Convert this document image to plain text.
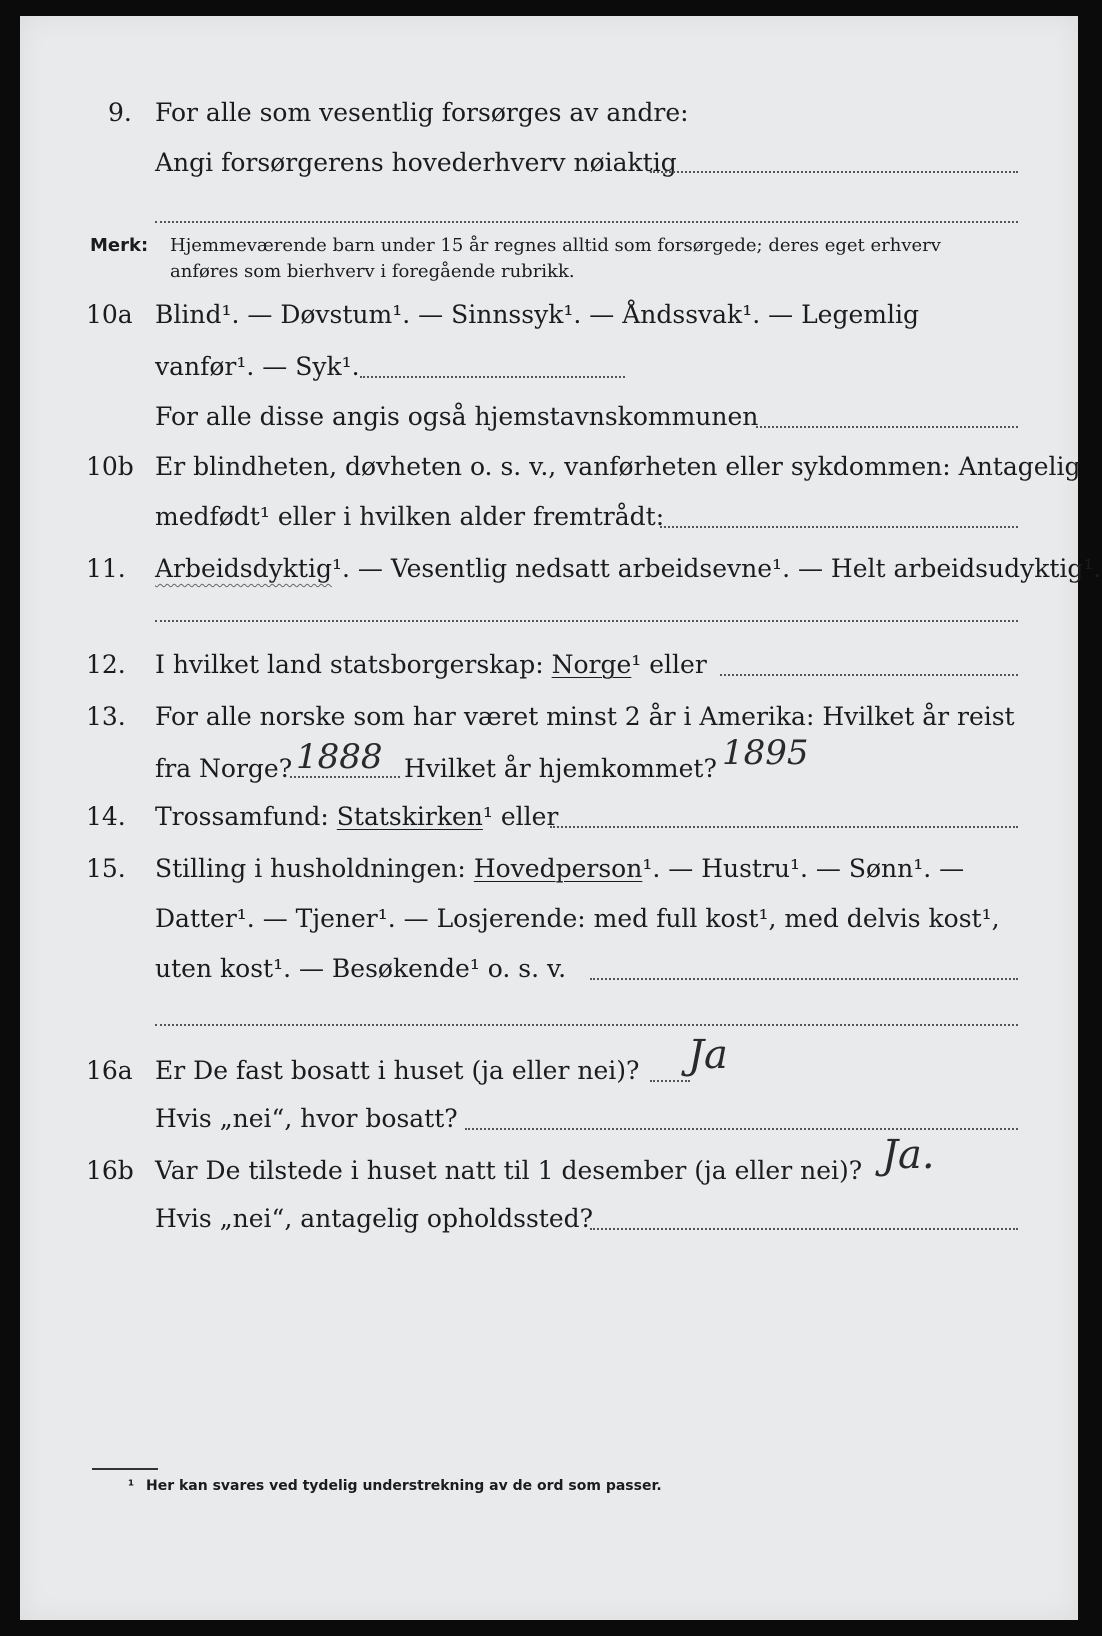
9. For alle som vesentlig forsørges av andre:
Angi forsørgerens hovederhverv nøiaktig
Merk: Hjemmeværende barn under 15 år regnes alltid som forsørgede; deres eget erhverv
anføres som bierhverv i foregående rubrikk.
10a Blind¹. — Døvstum¹. — Sinnssyk¹. — Åndssvak¹. — Legemlig
vanfør¹. — Syk¹.
For alle disse angis også hjemstavnskommunen
10b Er blindheten, døvheten o. s. v., vanførheten eller sykdommen: Antagelig
medfødt¹ eller i hvilken alder fremtrådt:
11. Arbeidsdyktig¹. — Vesentlig nedsatt arbeidsevne¹. — Helt arbeidsudyktig¹.
12. I hvilket land statsborgerskap: Norge¹ eller
13. For alle norske som har været minst 2 år i Amerika: Hvilket år reist
fra Norge? 1888 Hvilket år hjemkommet? 1895
14. Trossamfund: Statskirken¹ eller
15. Stilling i husholdningen: Hovedperson¹. — Hustru¹. — Sønn¹. —
Datter¹. — Tjener¹. — Losjerende: med full kost¹, med delvis kost¹,
uten kost¹. — Besøkende¹ o. s. v.
16a Er De fast bosatt i huset (ja eller nei)? Ja
Hvis „nei“, hvor bosatt?
16b Var De tilstede i huset natt til 1 desember (ja eller nei)? Ja.
Hvis „nei“, antagelig opholdssted?
¹ Her kan svares ved tydelig understrekning av de ord som passer.
